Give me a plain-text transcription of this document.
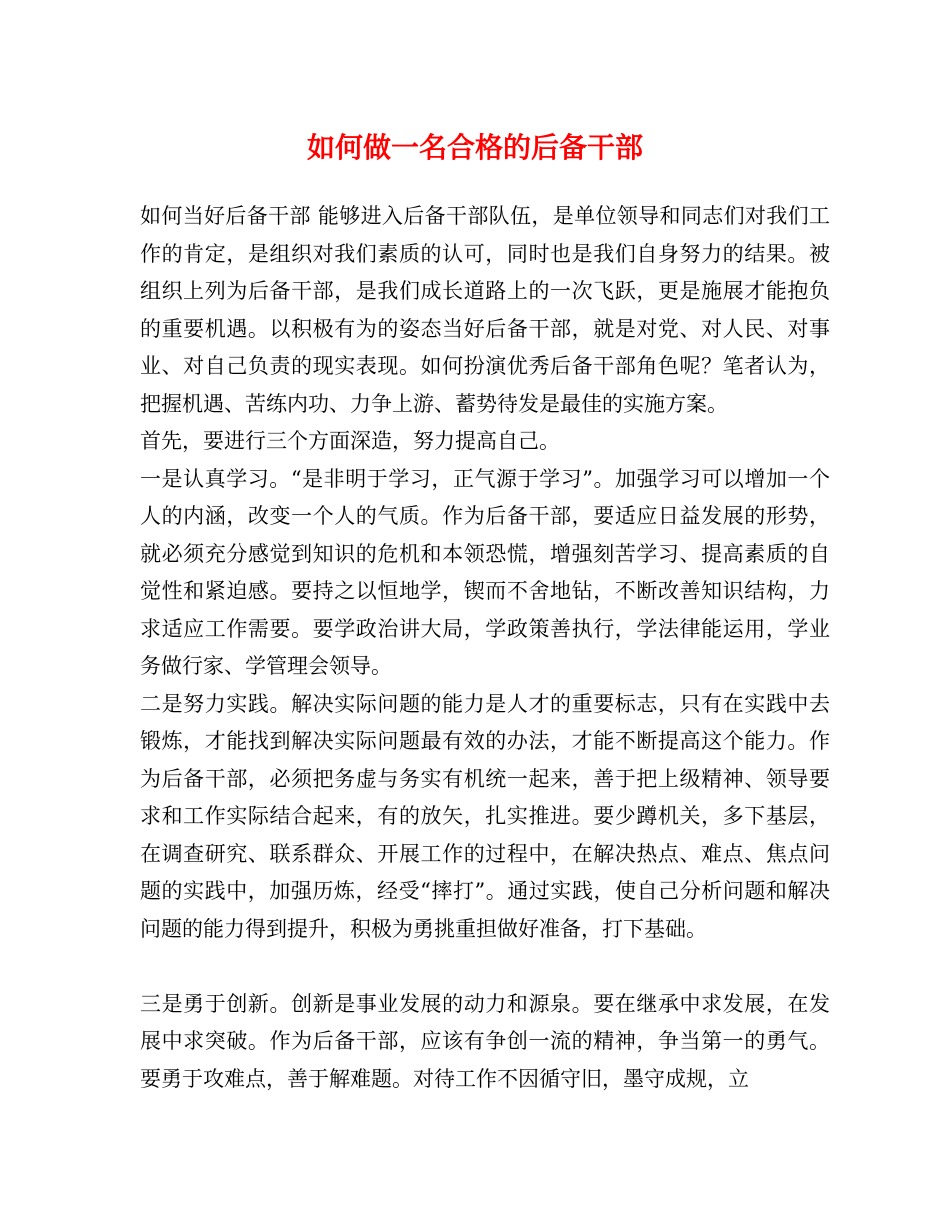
如何做一名合格的后备干部

如何当好后备干部 能够进入后备干部队伍，是单位领导和同志们对我们工作的肯定，是组织对我们素质的认可，同时也是我们自身努力的结果。被组织上列为后备干部，是我们成长道路上的一次飞跃，更是施展才能抱负的重要机遇。以积极有为的姿态当好后备干部，就是对党、对人民、对事业、对自己负责的现实表现。如何扮演优秀后备干部角色呢？笔者认为，把握机遇、苦练内功、力争上游、蓄势待发是最佳的实施方案。

首先，要进行三个方面深造，努力提高自己。

一是认真学习。“是非明于学习，正气源于学习”。加强学习可以增加一个人的内涵，改变一个人的气质。作为后备干部，要适应日益发展的形势，就必须充分感觉到知识的危机和本领恐慌，增强刻苦学习、提高素质的自觉性和紧迫感。要持之以恒地学，锲而不舍地钻，不断改善知识结构，力求适应工作需要。要学政治讲大局，学政策善执行，学法律能运用，学业务做行家、学管理会领导。

二是努力实践。解决实际问题的能力是人才的重要标志，只有在实践中去锻炼，才能找到解决实际问题最有效的办法，才能不断提高这个能力。作为后备干部，必须把务虚与务实有机统一起来，善于把上级精神、领导要求和工作实际结合起来，有的放矢，扎实推进。要少蹲机关，多下基层，在调查研究、联系群众、开展工作的过程中，在解决热点、难点、焦点问题的实践中，加强历炼，经受“摔打”。通过实践，使自己分析问题和解决问题的能力得到提升，积极为勇挑重担做好准备，打下基础。

三是勇于创新。创新是事业发展的动力和源泉。要在继承中求发展，在发展中求突破。作为后备干部，应该有争创一流的精神，争当第一的勇气。要勇于攻难点，善于解难题。对待工作不因循守旧，墨守成规，立
